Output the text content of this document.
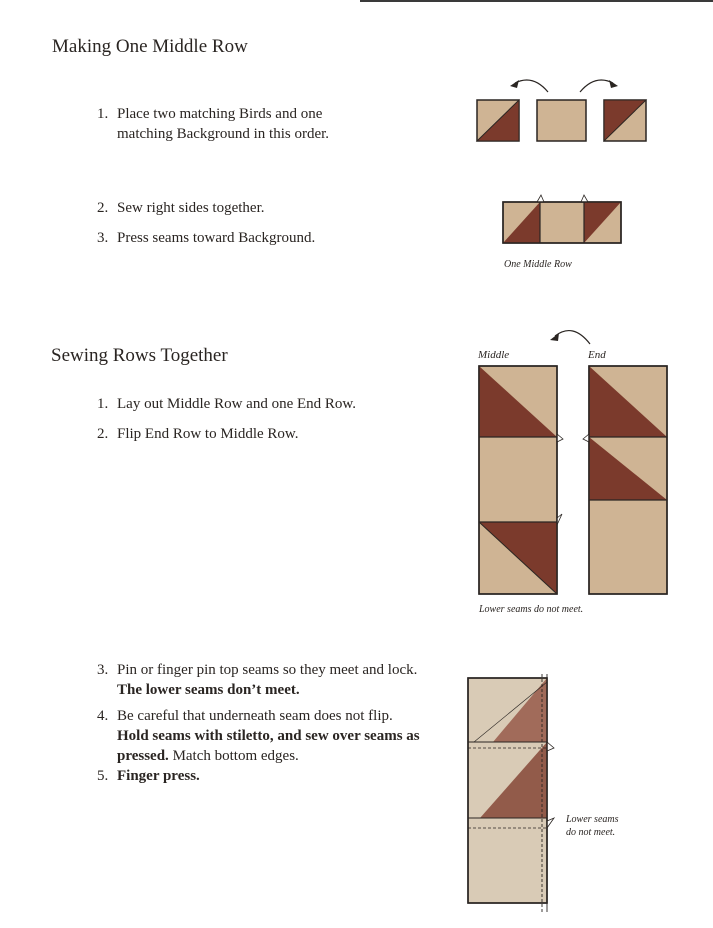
Making One Middle Row
1. Place two matching Birds and one
matching Background in this order.
2. Sew right sides together.
3. Press seams toward Background.
One Middle Row
Sewing Rows Together
1. Lay out Middle Row and one End Row.
2. Flip End Row to Middle Row.
Middle	End
Lower seams do not meet.
3. Pin or finger pin top seams so they meet and lock.
The lower seams don’t meet.
4. Be careful that underneath seam does not flip.
Hold seams with stiletto, and sew over seams as
pressed. Match bottom edges.
5. Finger press.
Lower seams
do not meet.
